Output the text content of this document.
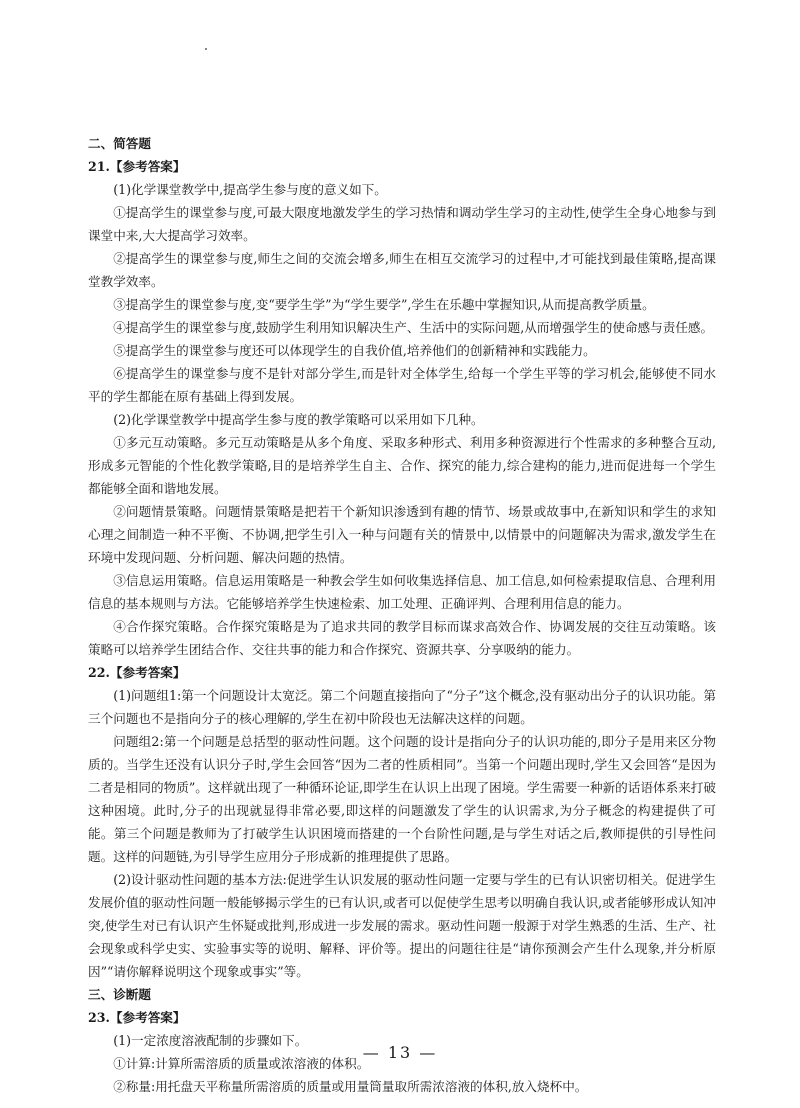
二、简答题
21.【参考答案】
(1)化学课堂教学中,提高学生参与度的意义如下。
①提高学生的课堂参与度,可最大限度地激发学生的学习热情和调动学生学习的主动性,使学生全身心地参与到课堂中来,大大提高学习效率。
②提高学生的课堂参与度,师生之间的交流会增多,师生在相互交流学习的过程中,才可能找到最佳策略,提高课堂教学效率。
③提高学生的课堂参与度,变“要学生学”为“学生要学”,学生在乐趣中掌握知识,从而提高教学质量。
④提高学生的课堂参与度,鼓励学生利用知识解决生产、生活中的实际问题,从而增强学生的使命感与责任感。
⑤提高学生的课堂参与度还可以体现学生的自我价值,培养他们的创新精神和实践能力。
⑥提高学生的课堂参与度不是针对部分学生,而是针对全体学生,给每一个学生平等的学习机会,能够使不同水平的学生都能在原有基础上得到发展。
(2)化学课堂教学中提高学生参与度的教学策略可以采用如下几种。
①多元互动策略。多元互动策略是从多个角度、采取多种形式、利用多种资源进行个性需求的多种整合互动,形成多元智能的个性化教学策略,目的是培养学生自主、合作、探究的能力,综合建构的能力,进而促进每一个学生都能够全面和谐地发展。
②问题情景策略。问题情景策略是把若干个新知识渗透到有趣的情节、场景或故事中,在新知识和学生的求知心理之间制造一种不平衡、不协调,把学生引入一种与问题有关的情景中,以情景中的问题解决为需求,激发学生在环境中发现问题、分析问题、解决问题的热情。
③信息运用策略。信息运用策略是一种教会学生如何收集选择信息、加工信息,如何检索提取信息、合理利用信息的基本规则与方法。它能够培养学生快速检索、加工处理、正确评判、合理利用信息的能力。
④合作探究策略。合作探究策略是为了追求共同的教学目标而谋求高效合作、协调发展的交往互动策略。该策略可以培养学生团结合作、交往共事的能力和合作探究、资源共享、分享吸纳的能力。
22.【参考答案】
(1)问题组1:第一个问题设计太宽泛。第二个问题直接指向了“分子”这个概念,没有驱动出分子的认识功能。第三个问题也不是指向分子的核心理解的,学生在初中阶段也无法解决这样的问题。
问题组2:第一个问题是总括型的驱动性问题。这个问题的设计是指向分子的认识功能的,即分子是用来区分物质的。当学生还没有认识分子时,学生会回答“因为二者的性质相同”。当第一个问题出现时,学生又会回答“是因为二者是相同的物质”。这样就出现了一种循环论证,即学生在认识上出现了困境。学生需要一种新的话语体系来打破这种困境。此时,分子的出现就显得非常必要,即这样的问题激发了学生的认识需求,为分子概念的构建提供了可能。第三个问题是教师为了打破学生认识困境而搭建的一个台阶性问题,是与学生对话之后,教师提供的引导性问题。这样的问题链,为引导学生应用分子形成新的推理提供了思路。
(2)设计驱动性问题的基本方法:促进学生认识发展的驱动性问题一定要与学生的已有认识密切相关。促进学生发展价值的驱动性问题一般能够揭示学生的已有认识,或者可以促使学生思考以明确自我认识,或者能够形成认知冲突,使学生对已有认识产生怀疑或批判,形成进一步发展的需求。驱动性问题一般源于对学生熟悉的生活、生产、社会现象或科学史实、实验事实等的说明、解释、评价等。提出的问题往往是“请你预测会产生什么现象,并分析原因”“请你解释说明这个现象或事实”等。
三、诊断题
23.【参考答案】
(1)一定浓度溶液配制的步骤如下。
①计算:计算所需溶质的质量或浓溶液的体积。
②称量:用托盘天平称量所需溶质的质量或用量筒量取所需浓溶液的体积,放入烧杯中。
— 13 —
